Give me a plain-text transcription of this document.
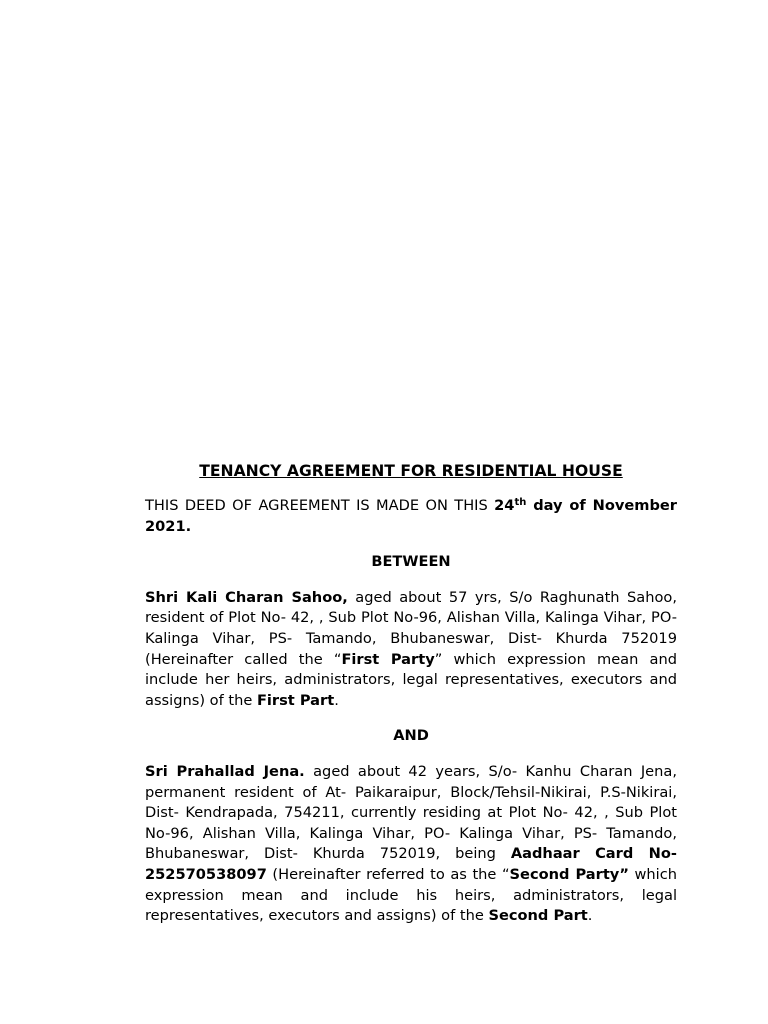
TENANCY AGREEMENT FOR RESIDENTIAL HOUSE

THIS DEED OF AGREEMENT IS MADE ON THIS 24th day of November 2021.

BETWEEN

Shri Kali Charan Sahoo, aged about 57 yrs, S/o Raghunath Sahoo, resident of Plot No- 42, , Sub Plot No-96, Alishan Villa, Kalinga Vihar, PO- Kalinga Vihar, PS- Tamando, Bhubaneswar, Dist- Khurda 752019 (Hereinafter called the “First Party” which expression mean and include her heirs, administrators, legal representatives, executors and assigns) of the First Part.

AND

Sri Prahallad Jena. aged about 42 years, S/o- Kanhu Charan Jena, permanent resident of At- Paikaraipur, Block/Tehsil-Nikirai, P.S-Nikirai, Dist- Kendrapada, 754211, currently residing at Plot No- 42, , Sub Plot No-96, Alishan Villa, Kalinga Vihar, PO- Kalinga Vihar, PS- Tamando, Bhubaneswar, Dist- Khurda 752019, being Aadhaar Card No-252570538097 (Hereinafter referred to as the “Second Party” which expression mean and include his heirs, administrators, legal representatives, executors and assigns) of the Second Part.
